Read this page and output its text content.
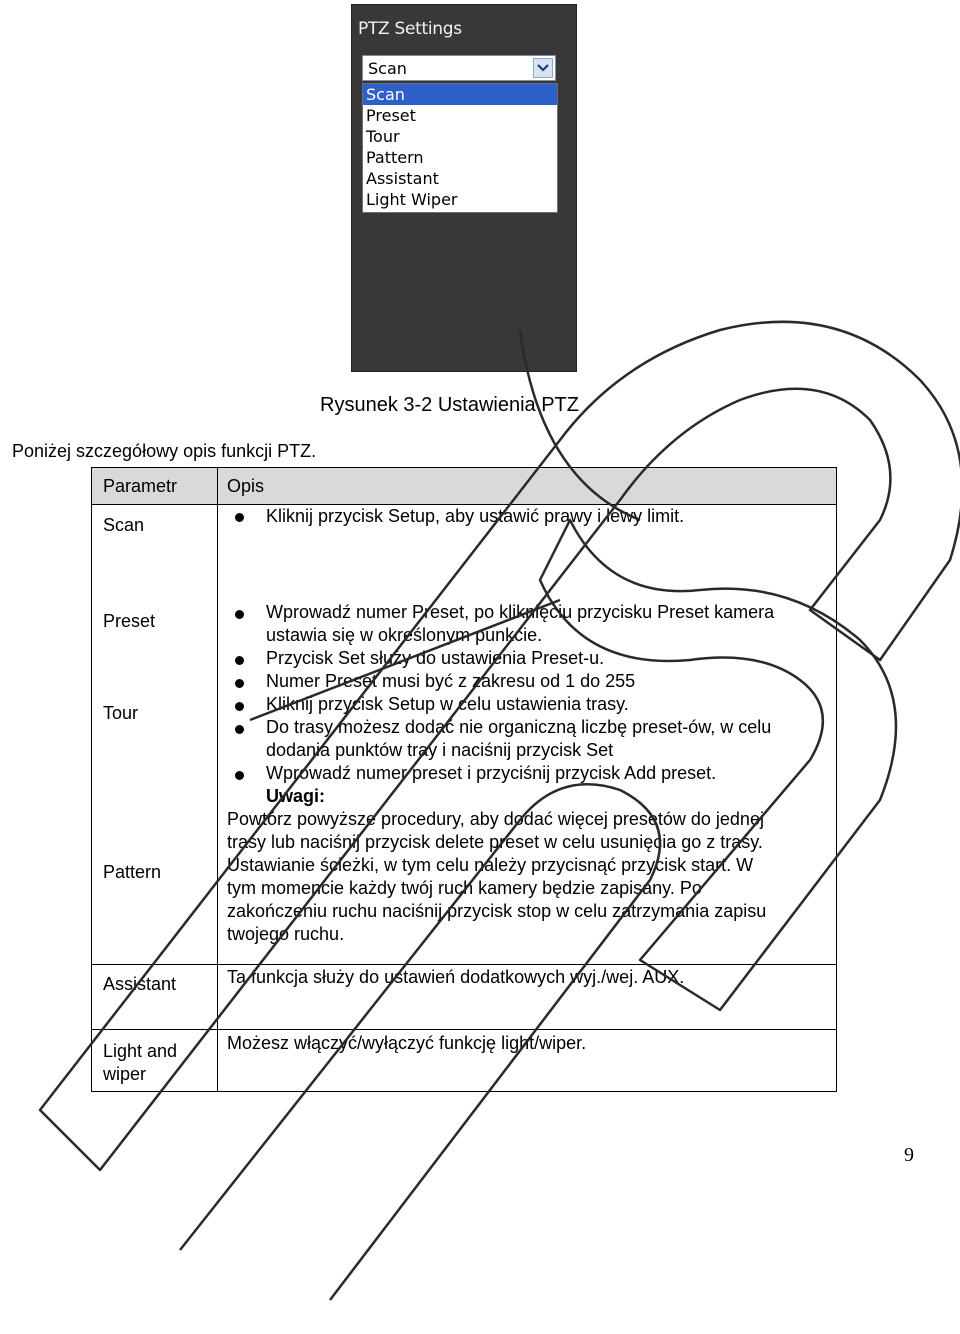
PTZ Settings
Scan
Scan
Preset
Tour
Pattern
Assistant
Light Wiper
Rysunek 3-2 Ustawienia PTZ
Poniżej szczegółowy opis funkcji PTZ.
Parametr	Opis
Scan
Preset
Tour
Pattern
Assistant
Light and
wiper
Kliknij przycisk Setup, aby ustawić prawy i lewy limit.
Wprowadź numer Preset, po kliknięciu przycisku Preset kamera
ustawia się w określonym punkcie.
Przycisk Set służy do ustawienia Preset-u.
Numer Preset musi być z zakresu od 1 do 255
Kliknij przycisk Setup w celu ustawienia trasy.
Do trasy możesz dodać nie organiczną liczbę preset-ów, w celu
dodania punktów tray i naciśnij przycisk Set
Wprowadź numer preset i przyciśnij przycisk Add preset.
Uwagi:
Powtórz powyższe procedury, aby dodać więcej presetów do jednej
trasy lub naciśnij przycisk delete preset w celu usunięcia go z trasy.
Ustawianie ścieżki, w tym celu należy przycisnąć przycisk start. W
tym momencie każdy twój ruch kamery będzie zapisany. Po
zakończeniu ruchu naciśnij przycisk stop w celu zatrzymania zapisu
twojego ruchu.
Ta funkcja służy do ustawień dodatkowych wyj./wej. AUX.
Możesz włączyć/wyłączyć funkcję light/wiper.
9
